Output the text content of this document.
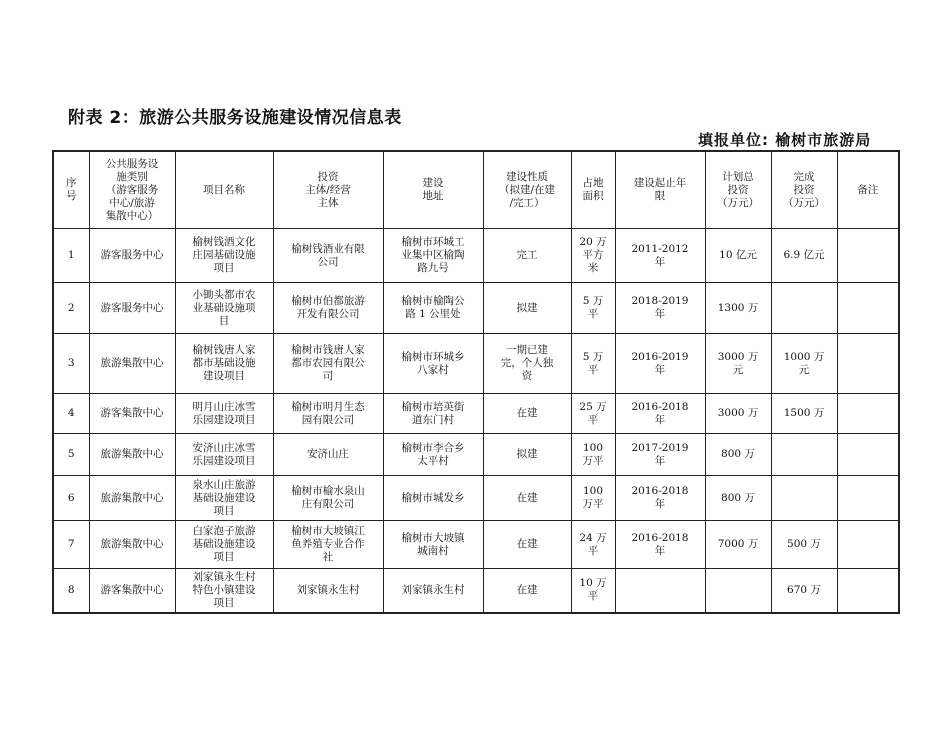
附表 2：旅游公共服务设施建设情况信息表
填报单位: 榆树市旅游局
序
号	公共服务设
施类别
（游客服务
中心/旅游
集散中心）	项目名称	投资
主体/经营
主体	建设
地址	建设性质
（拟建/在建
/完工）	占地
面积	建设起止年
限	计划总
投资
（万元）	完成
投资
（万元）	备注
1	游客服务中心	榆树钱酒文化
庄园基础设施
项目	榆树钱酒业有限
公司	榆树市环城工
业集中区榆陶
路九号	完工	20 万
平方
米	2011-2012
年	10 亿元	6.9 亿元	
2	游客服务中心	小锄头都市农
业基础设施项
目	榆树市伯都旅游
开发有限公司	榆树市榆陶公
路 1 公里处	拟建	5 万
平	2018-2019
年	1300 万		
3	旅游集散中心	榆树钱唐人家
都市基础设施
建设项目	榆树市钱唐人家
都市农园有限公
司	榆树市环城乡
八家村	一期已建
完，个人独
资	5 万
平	2016-2019
年	3000 万
元	1000 万
元	
4	游客集散中心	明月山庄冰雪
乐园建设项目	榆树市明月生态
园有限公司	榆树市培英街
道东门村	在建	25 万
平	2016-2018
年	3000 万	1500 万	
5	旅游集散中心	安济山庄冰雪
乐园建设项目	安济山庄	榆树市李合乡
太平村	拟建	100
万平	2017-2019
年	800 万		
6	旅游集散中心	泉水山庄旅游
基础设施建设
项目	榆树市榆水泉山
庄有限公司	榆树市城发乡	在建	100
万平	2016-2018
年	800 万		
7	旅游集散中心	白家泡子旅游
基础设施建设
项目	榆树市大坡镇江
鱼养殖专业合作
社	榆树市大坡镇
城南村	在建	24 万
平	2016-2018
年	7000 万	500 万	
8	游客集散中心	刘家镇永生村
特色小镇建设
项目	刘家镇永生村	刘家镇永生村	在建	10 万
平			670 万	
